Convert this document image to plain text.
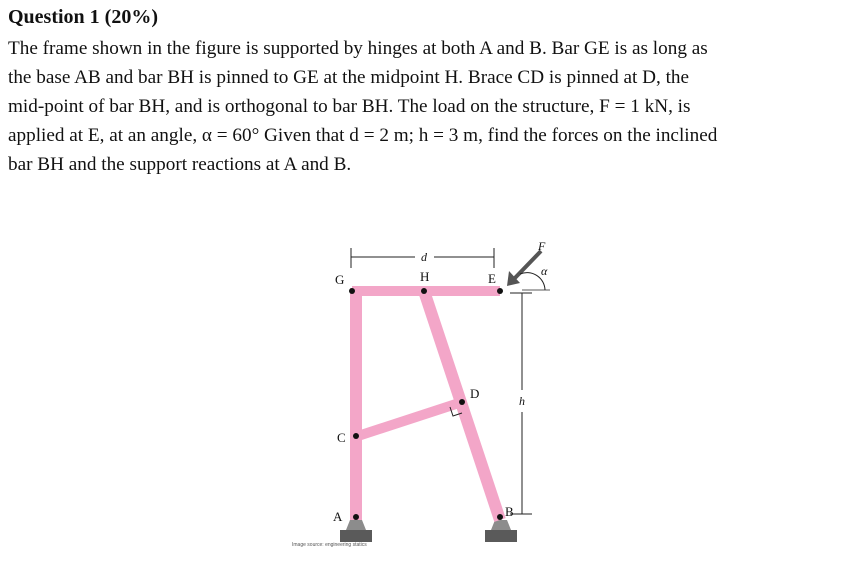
Question 1 (20%)
The frame shown in the figure is supported by hinges at both A and B. Bar GE is as long as
the base AB and bar BH is pinned to GE at the midpoint H. Brace CD is pinned at D, the
mid-point of bar BH, and is orthogonal to bar BH. The load on the structure, F = 1 kN, is
applied at E, at an angle, α = 60° Given that d = 2 m; h = 3 m, find the forces on the inclined
bar BH and the support reactions at A and B.
d
h
F
α
G	H	E
D
C
A	B
Image source: engineering statics
